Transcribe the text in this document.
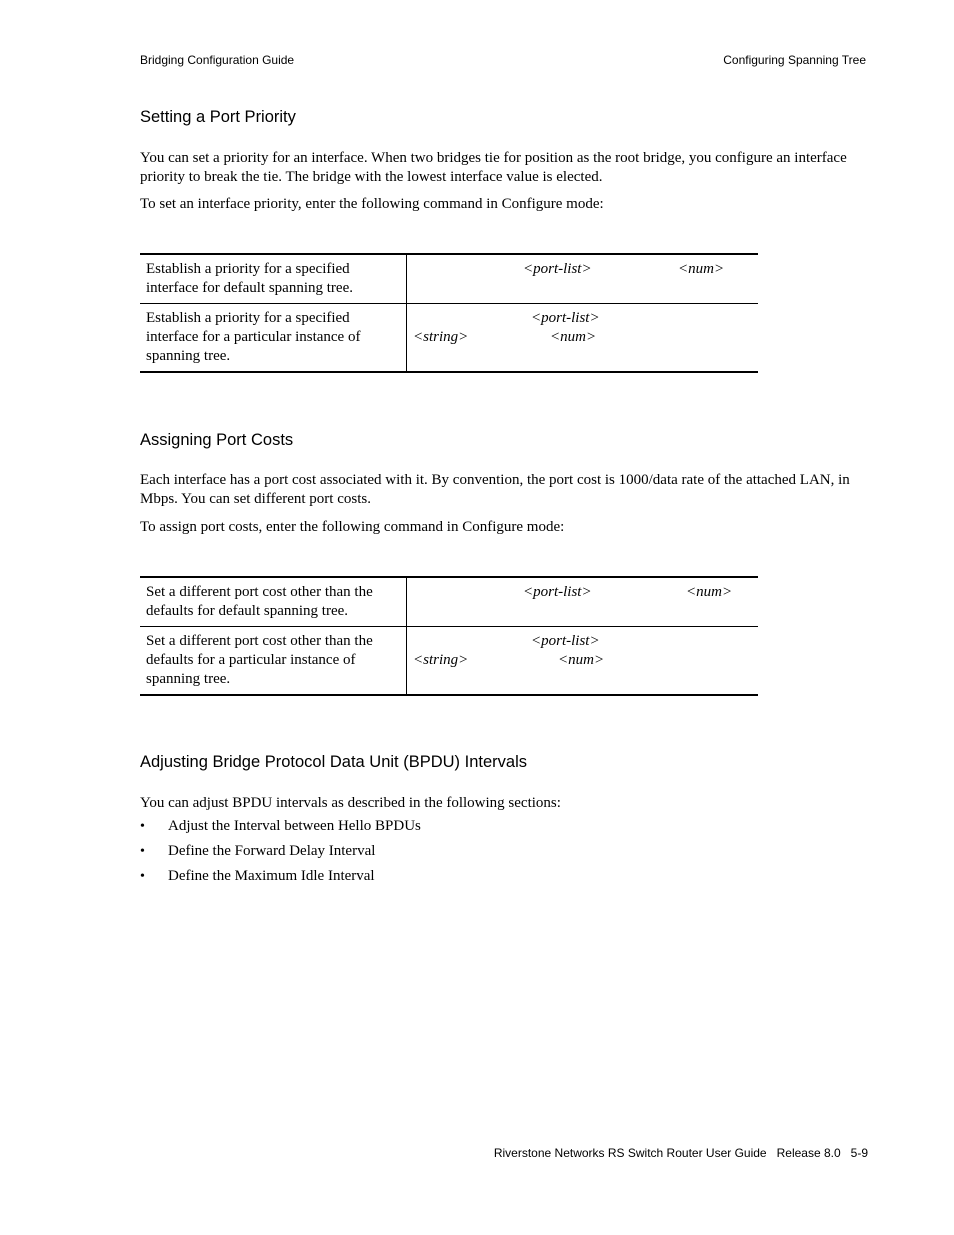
Bridging Configuration Guide	Configuring Spanning Tree
Setting a Port Priority
You can set a priority for an interface. When two bridges tie for position as the root bridge, you configure an interface priority to break the tie. The bridge with the lowest interface value is elected.
To set an interface priority, enter the following command in Configure mode:
Establish a priority for a specified interface for default spanning tree.	<port-list> <num>

Establish a priority for a specified interface for a particular instance of spanning tree.	<port-list>
<string> <num>
Assigning Port Costs
Each interface has a port cost associated with it. By convention, the port cost is 1000/data rate of the attached LAN, in Mbps. You can set different port costs.
To assign port costs, enter the following command in Configure mode:
Set a different port cost other than the defaults for default spanning tree.	<port-list> <num>

Set a different port cost other than the defaults for a particular instance of spanning tree.	<port-list>
<string> <num>
Adjusting Bridge Protocol Data Unit (BPDU) Intervals
You can adjust BPDU intervals as described in the following sections:
• Adjust the Interval between Hello BPDUs
• Define the Forward Delay Interval
• Define the Maximum Idle Interval
Riverstone Networks RS Switch Router User Guide   Release 8.0   5-9
